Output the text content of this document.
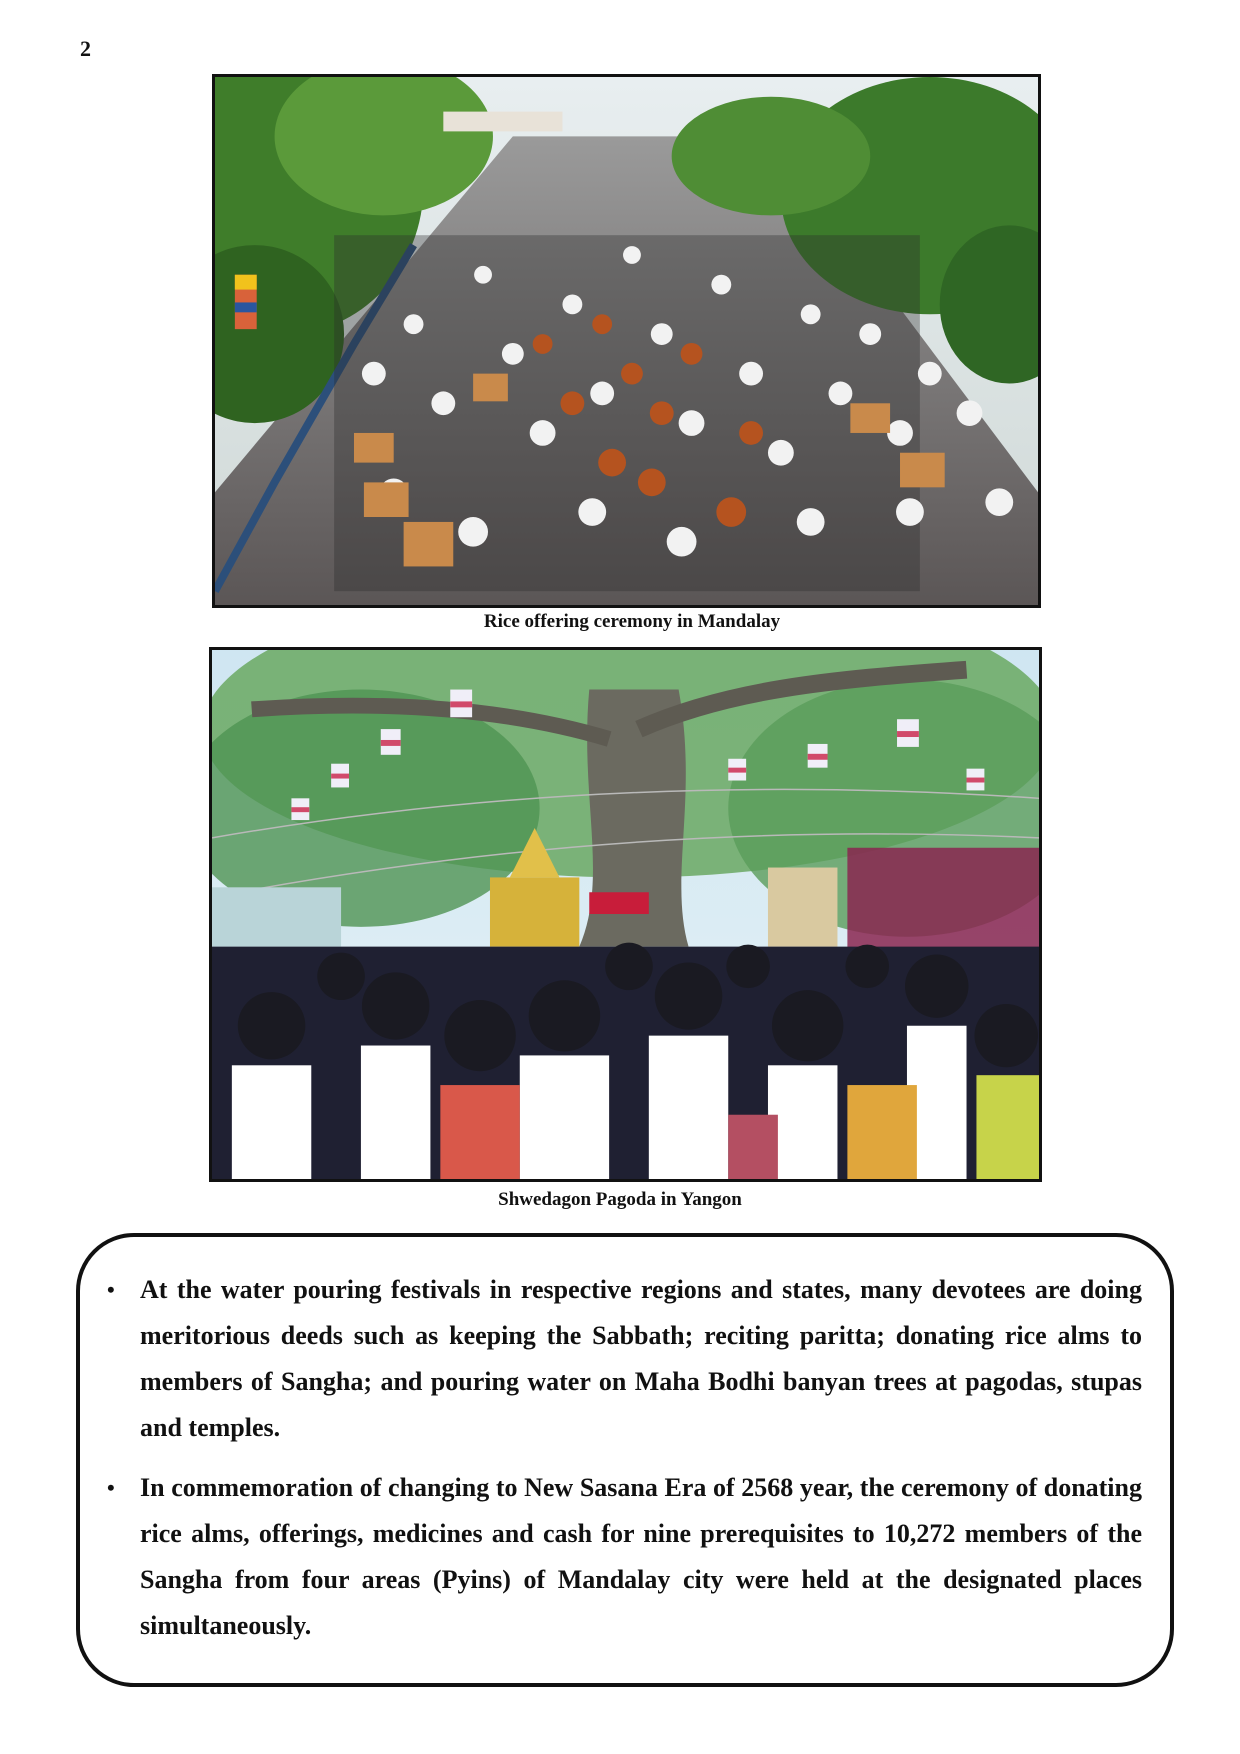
2
Rice offering ceremony in Mandalay
Shwedagon Pagoda in Yangon
• At the water pouring festivals in respective regions and states, many devotees are doing meritorious deeds such as keeping the Sabbath; reciting paritta; donating rice alms to members of Sangha; and pouring water on Maha Bodhi banyan trees at pagodas, stupas and temples.
• In commemoration of changing to New Sasana Era of 2568 year, the ceremony of donating rice alms, offerings, medicines and cash for nine prerequisites to 10,272 members of the Sangha from four areas (Pyins) of Mandalay city were held at the designated places simultaneously.
